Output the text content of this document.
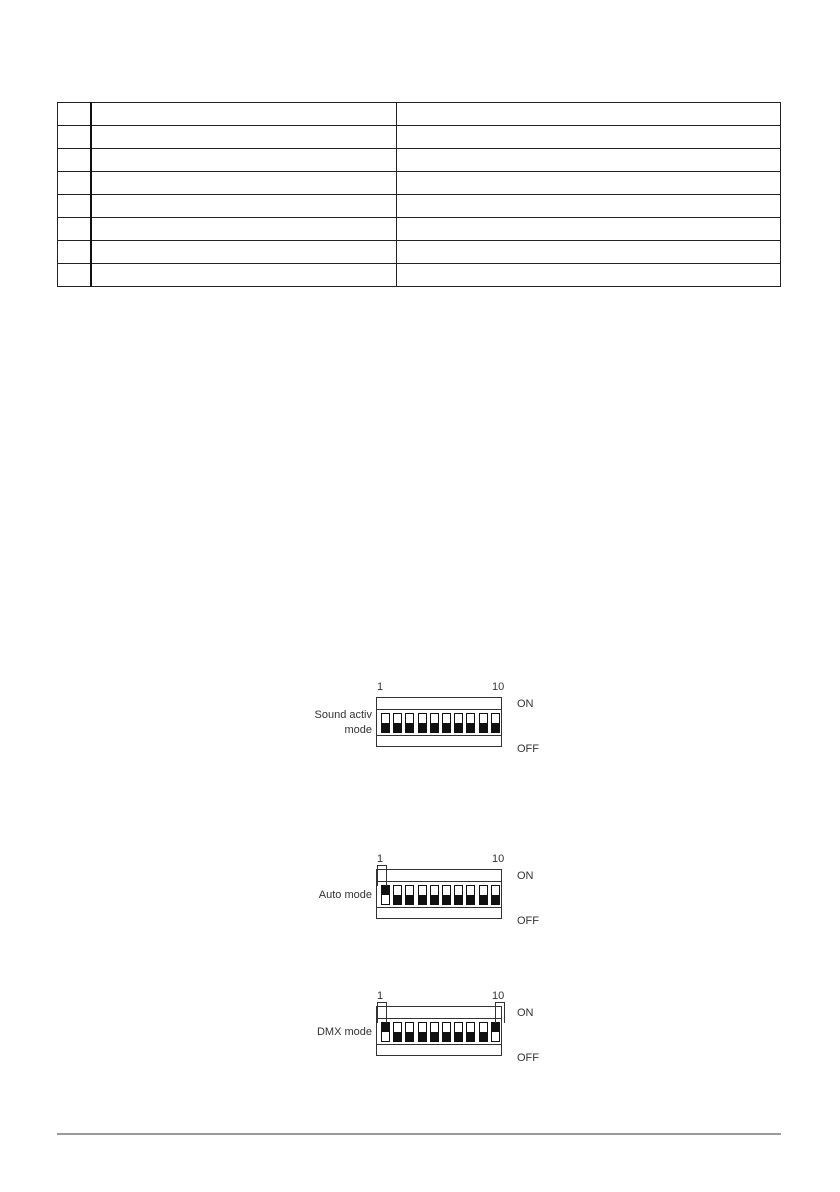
Sound activ
mode
1	10
ON
OFF
Auto mode
1	10
ON
OFF
DMX mode
1	10
ON
OFF
